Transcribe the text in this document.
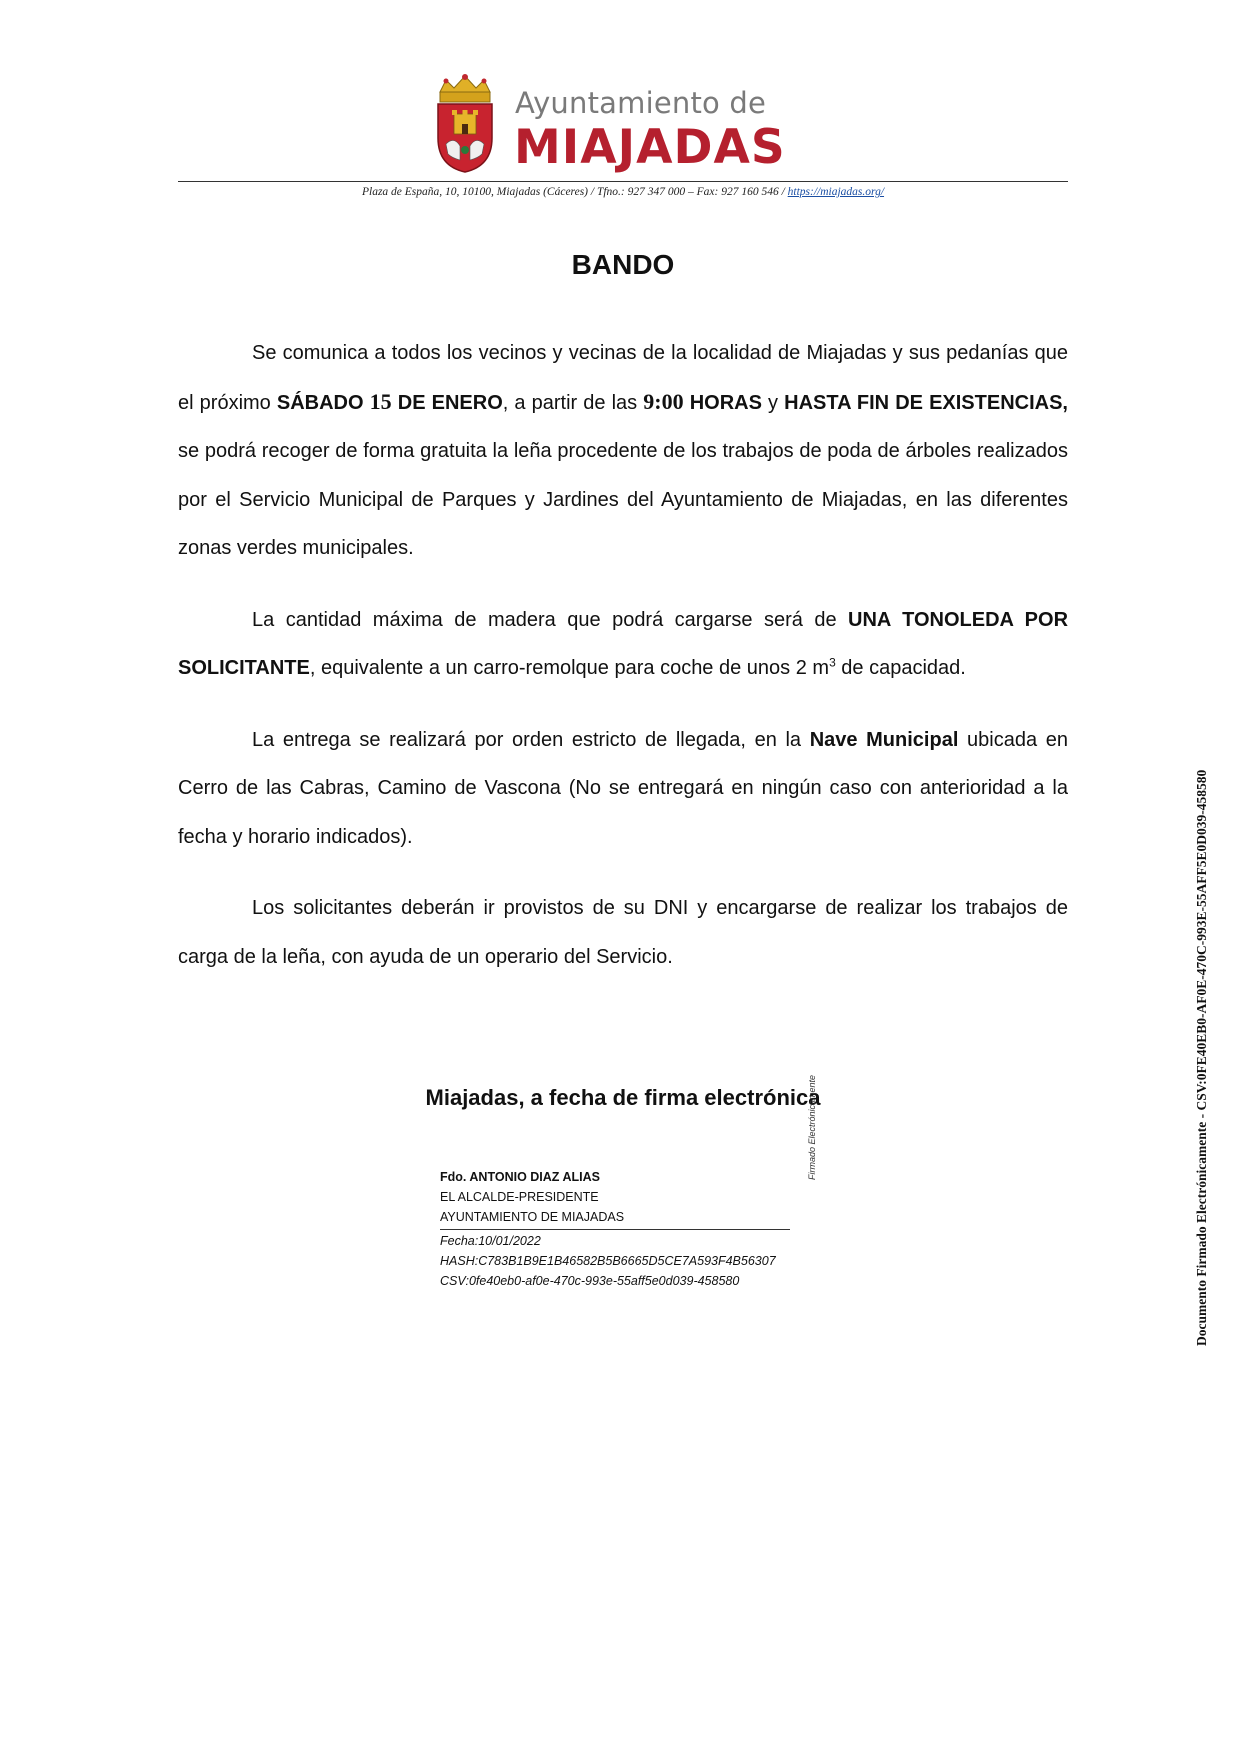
Ayuntamiento de
MIAJADAS
Plaza de España, 10, 10100, Miajadas (Cáceres) / Tfno.: 927 347 000 – Fax: 927 160 546 / https://miajadas.org/
BANDO

Se comunica a todos los vecinos y vecinas de la localidad de Miajadas y sus pedanías que el próximo SÁBADO 15 DE ENERO, a partir de las 9:00 HORAS y HASTA FIN DE EXISTENCIAS, se podrá recoger de forma gratuita la leña procedente de los trabajos de poda de árboles realizados por el Servicio Municipal de Parques y Jardines del Ayuntamiento de Miajadas, en las diferentes zonas verdes municipales.

La cantidad máxima de madera que podrá cargarse será de UNA TONOLEDA POR SOLICITANTE, equivalente a un carro-remolque para coche de unos 2 $m^3$ de capacidad.

La entrega se realizará por orden estricto de llegada, en la Nave Municipal ubicada en Cerro de las Cabras, Camino de Vascona (No se entregará en ningún caso con anterioridad a la fecha y horario indicados).

Los solicitantes deberán ir provistos de su DNI y encargarse de realizar los trabajos de carga de la leña, con ayuda de un operario del Servicio.

Miajadas, a fecha de firma electrónica
Fdo. ANTONIO DIAZ ALIAS
EL ALCALDE-PRESIDENTE
AYUNTAMIENTO DE MIAJADAS
Fecha:10/01/2022
HASH:C783B1B9E1B46582B5B6665D5CE7A593F4B56307
CSV:0fe40eb0-af0e-470c-993e-55aff5e0d039-458580
Firmado Electrónicamente	Documento Firmado Electrónicamente - CSV:0FE40EB0-AF0E-470C-993E-55AFF5E0D039-458580
